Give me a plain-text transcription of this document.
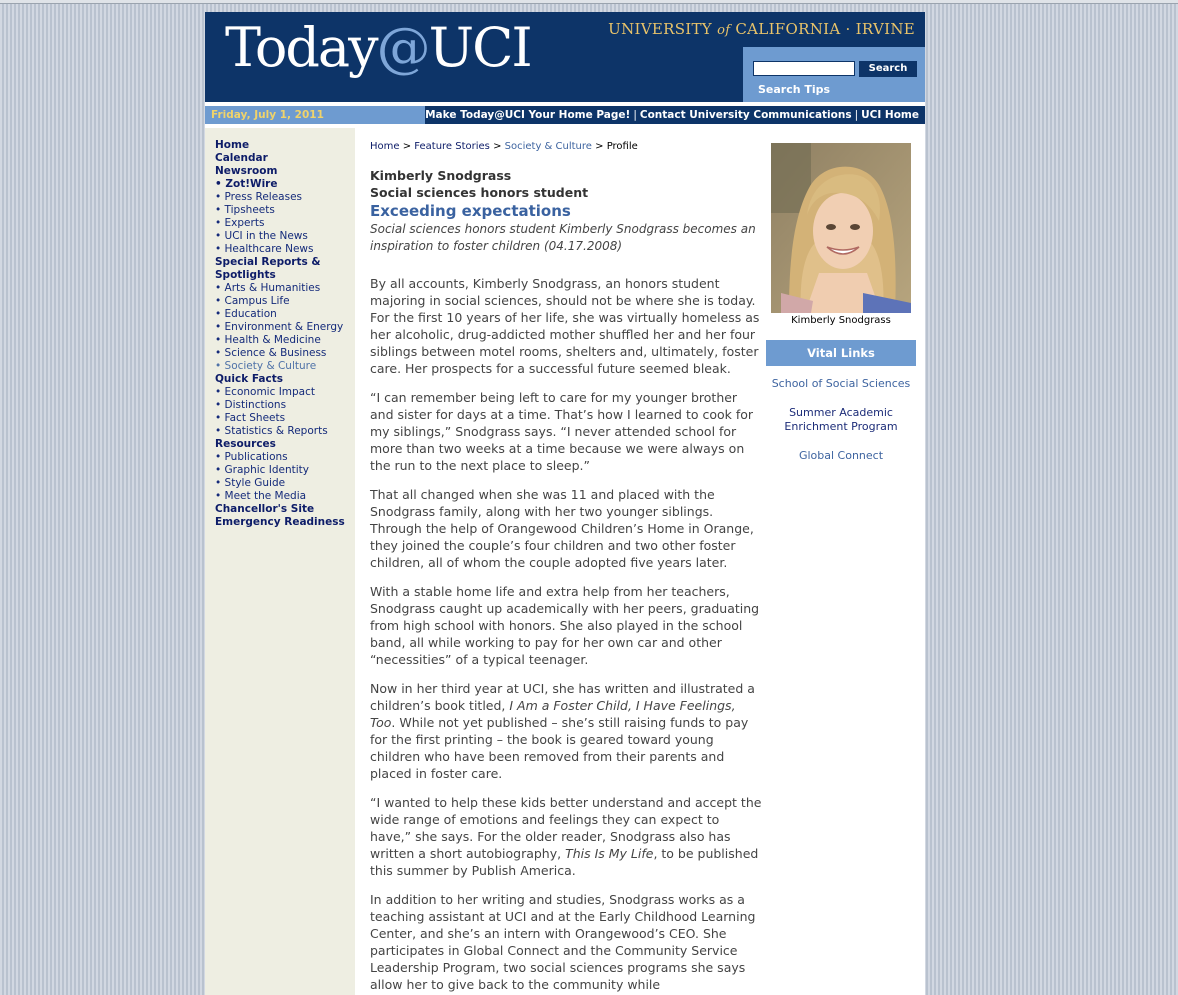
Today@UCI	UNIVERSITY of CALIFORNIA · IRVINE
Search
Search Tips
Friday, July 1, 2011	Make Today@UCI Your Home Page! | Contact University Communications | UCI Home
Home
Calendar
Newsroom
• Zot!Wire
• Press Releases
• Tipsheets
• Experts
• UCI in the News
• Healthcare News
Special Reports &
Spotlights
• Arts & Humanities
• Campus Life
• Education
• Environment & Energy
• Health & Medicine
• Science & Business
• Society & Culture
Quick Facts
• Economic Impact
• Distinctions
• Fact Sheets
• Statistics & Reports
Resources
• Publications
• Graphic Identity
• Style Guide
• Meet the Media
Chancellor's Site
Emergency Readiness
Home > Feature Stories > Society & Culture > Profile
Kimberly Snodgrass
Social sciences honors student
Exceeding expectations
Social sciences honors student Kimberly Snodgrass becomes an inspiration to foster children (04.17.2008)

By all accounts, Kimberly Snodgrass, an honors student majoring in social sciences, should not be where she is today. For the first 10 years of her life, she was virtually homeless as her alcoholic, drug-addicted mother shuffled her and her four siblings between motel rooms, shelters and, ultimately, foster care. Her prospects for a successful future seemed bleak.

“I can remember being left to care for my younger brother and sister for days at a time. That’s how I learned to cook for my siblings,” Snodgrass says. “I never attended school for more than two weeks at a time because we were always on the run to the next place to sleep.”

That all changed when she was 11 and placed with the Snodgrass family, along with her two younger siblings. Through the help of Orangewood Children’s Home in Orange, they joined the couple’s four children and two other foster children, all of whom the couple adopted five years later.

With a stable home life and extra help from her teachers, Snodgrass caught up academically with her peers, graduating from high school with honors. She also played in the school band, all while working to pay for her own car and other “necessities” of a typical teenager.

Now in her third year at UCI, she has written and illustrated a children’s book titled, I Am a Foster Child, I Have Feelings, Too. While not yet published – she’s still raising funds to pay for the first printing – the book is geared toward young children who have been removed from their parents and placed in foster care.

“I wanted to help these kids better understand and accept the wide range of emotions and feelings they can expect to have,” she says. For the older reader, Snodgrass also has written a short autobiography, This Is My Life, to be published this summer by Publish America.

In addition to her writing and studies, Snodgrass works as a teaching assistant at UCI and at the Early Childhood Learning Center, and she’s an intern with Orangewood’s CEO. She participates in Global Connect and the Community Service Leadership Program, two social sciences programs she says allow her to give back to the community while

Kimberly Snodgrass
Vital Links
School of Social Sciences
Summer Academic Enrichment Program
Global Connect
